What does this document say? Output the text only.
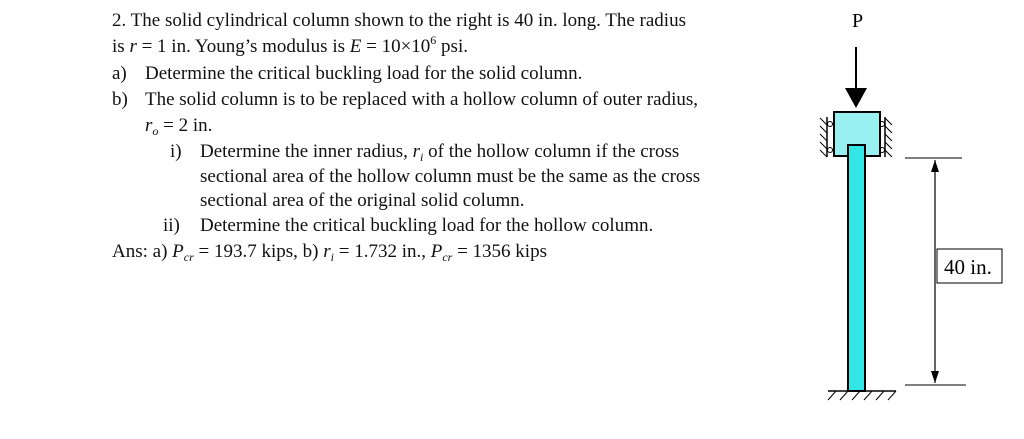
2. The solid cylindrical column shown to the right is 40 in. long. The radius
is r = 1 in. Young’s modulus is $E = 10\times 10^6$ psi.
a) Determine the critical buckling load for the solid column.
b) The solid column is to be replaced with a hollow column of outer radius,
$r_o = 2$ in.
i) Determine the inner radius, $r_i$ of the hollow column if the cross
sectional area of the hollow column must be the same as the cross
sectional area of the original solid column.
ii) Determine the critical buckling load for the hollow column.
Ans: a) $P_{cr} = 193.7$ kips, b) $r_i = 1.732$ in., $P_{cr} = 1356$ kips
P
40 in.
